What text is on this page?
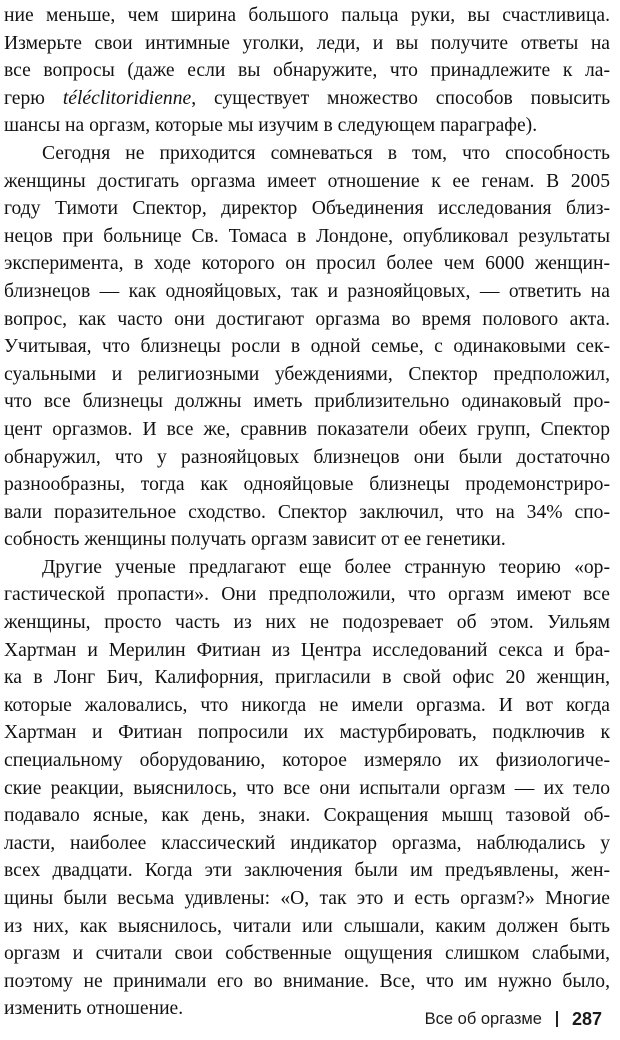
ние меньше, чем ширина большого пальца руки, вы счастливица.
Измерьте свои интимные уголки, леди, и вы получите ответы на
все вопросы (даже если вы обнаружите, что принадлежите к ла-
герю téléclitoridienne, существует множество способов повысить
шансы на оргазм, которые мы изучим в следующем параграфе).
Сегодня не приходится сомневаться в том, что способность
женщины достигать оргазма имеет отношение к ее генам. В 2005
году Тимоти Спектор, директор Объединения исследования близ-
нецов при больнице Св. Томаса в Лондоне, опубликовал результаты
эксперимента, в ходе которого он просил более чем 6000 женщин-
близнецов — как однояйцовых, так и разнояйцовых, — ответить на
вопрос, как часто они достигают оргазма во время полового акта.
Учитывая, что близнецы росли в одной семье, с одинаковыми сек-
суальными и религиозными убеждениями, Спектор предположил,
что все близнецы должны иметь приблизительно одинаковый про-
цент оргазмов. И все же, сравнив показатели обеих групп, Спектор
обнаружил, что у разнояйцовых близнецов они были достаточно
разнообразны, тогда как однояйцовые близнецы продемонстриро-
вали поразительное сходство. Спектор заключил, что на 34% спо-
собность женщины получать оргазм зависит от ее генетики.
Другие ученые предлагают еще более странную теорию «ор-
гастической пропасти». Они предположили, что оргазм имеют все
женщины, просто часть из них не подозревает об этом. Уильям
Хартман и Мерилин Фитиан из Центра исследований секса и бра-
ка в Лонг Бич, Калифорния, пригласили в свой офис 20 женщин,
которые жаловались, что никогда не имели оргазма. И вот когда
Хартман и Фитиан попросили их мастурбировать, подключив к
специальному оборудованию, которое измеряло их физиологиче-
ские реакции, выяснилось, что все они испытали оргазм — их тело
подавало ясные, как день, знаки. Сокращения мышц тазовой об-
ласти, наиболее классический индикатор оргазма, наблюдались у
всех двадцати. Когда эти заключения были им предъявлены, жен-
щины были весьма удивлены: «О, так это и есть оргазм?» Многие
из них, как выяснилось, читали или слышали, каким должен быть
оргазм и считали свои собственные ощущения слишком слабыми,
поэтому не принимали его во внимание. Все, что им нужно было,
изменить отношение.	Все об оргазме 287
